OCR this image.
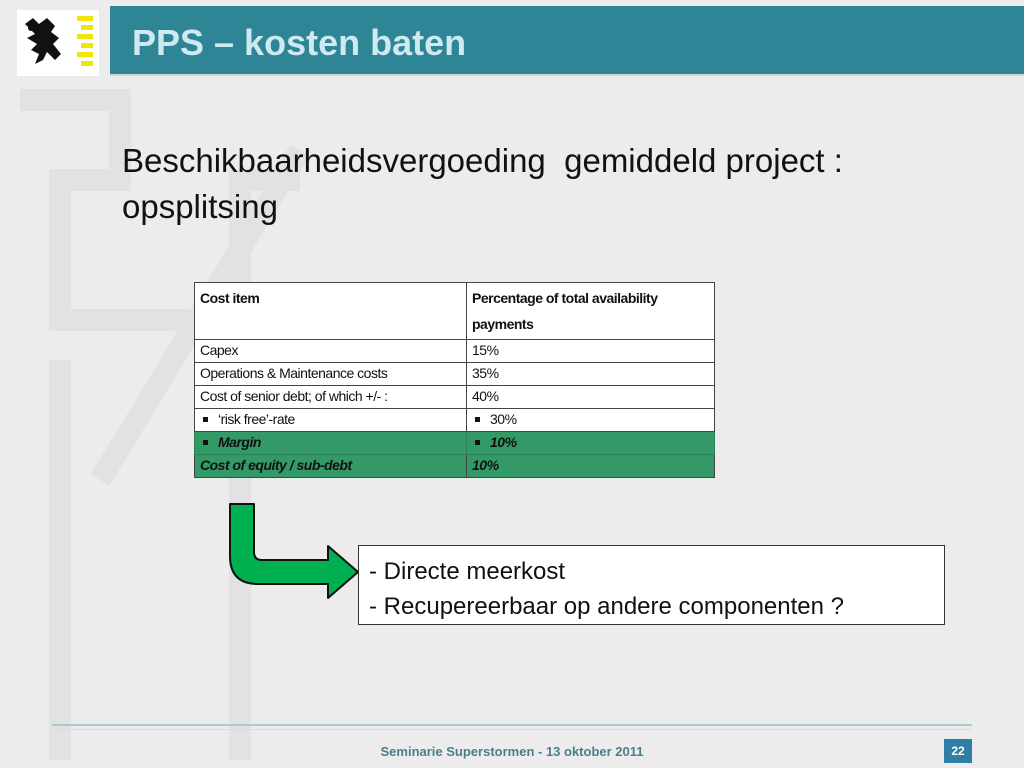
PPS – kosten baten
Beschikbaarheidsvergoeding  gemiddeld project :
opsplitsing
Cost item	Percentage of total availability
payments

Capex	15%
Operations & Maintenance costs	35%
Cost of senior debt; of which +/- :	40%
‘risk free’-rate	30%
Margin	10%
Cost of equity / sub-debt	10%
- Directe meerkost
- Recupereerbaar op andere componenten ?
Seminarie Superstormen - 13 oktober 2011	22
